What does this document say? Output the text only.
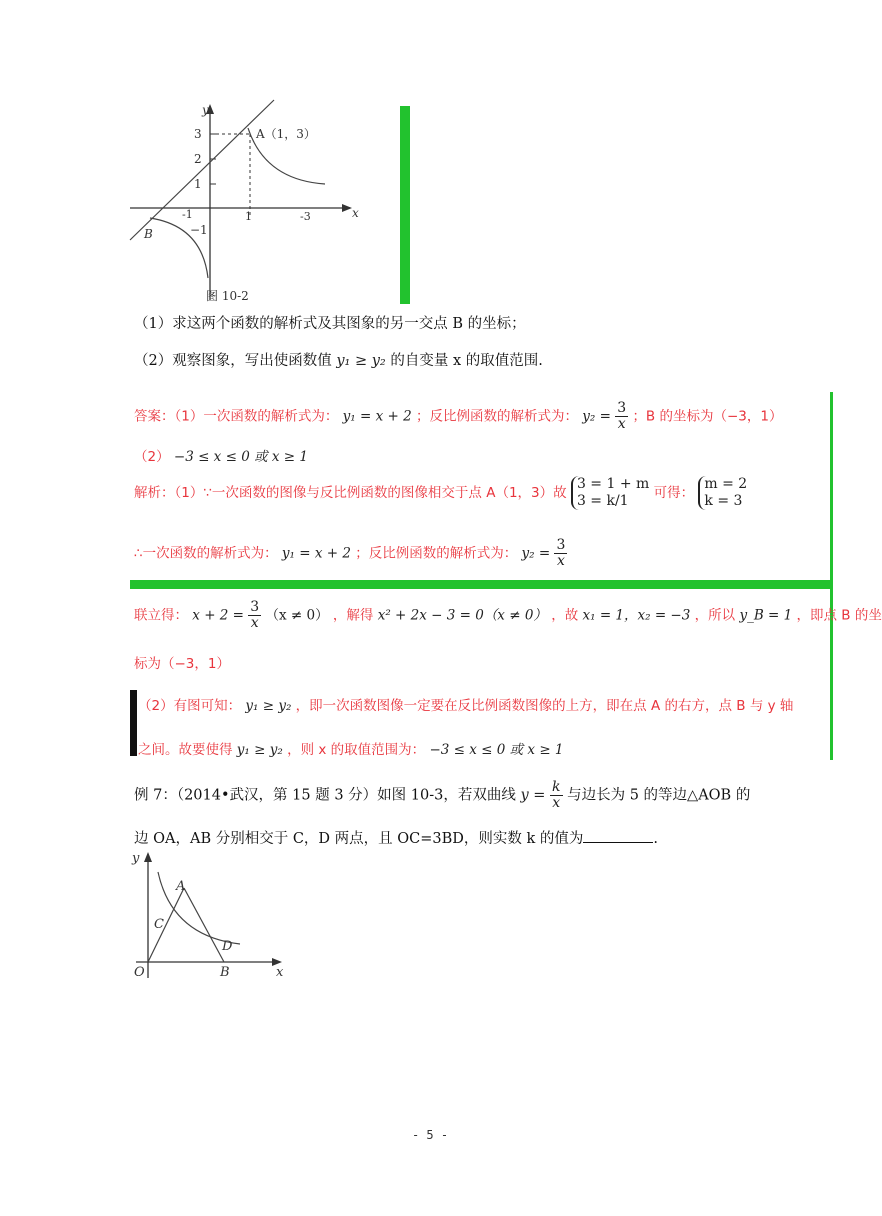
y
x
3
2
1
−1
-1	1	-3
A（1，3）
B
图 10-2
（1）求这两个函数的解析式及其图象的另一交点 B 的坐标；
（2）观察图象，写出使函数值 y₁ ≥ y₂ 的自变量 x 的取值范围.
答案：（1）一次函数的解析式为： y₁ = x + 2 ；反比例函数的解析式为： $y_2 = \frac{3}{x}$ ；B 的坐标为（−3，1）
（2） −3 ≤ x ≤ 0 或 x ≥ 1
解析：（1）∵一次函数的图像与反比例函数的图像相交于点 A（1，3）故
3 = 1 + m
3 = k/1	可得：
m = 2
k = 3
∴一次函数的解析式为： y₁ = x + 2 ；反比例函数的解析式为： $y_2 = \frac{3}{x}$
联立得： $x + 2 = \frac{3}{x} (x \ne 0)$ ，解得 x² + 2x − 3 = 0（x ≠ 0） ，故 x₁ = 1，x₂ = −3 ，所以 y_B = 1 ，即点 B 的坐
标为（−3，1）
（2）有图可知： y₁ ≥ y₂ ，即一次函数图像一定要在反比例函数图像的上方，即在点 A 的右方，点 B 与 y 轴
之间。故要使得 y₁ ≥ y₂ ，则 x 的取值范围为： −3 ≤ x ≤ 0 或 x ≥ 1
例 7：（2014•武汉，第 15 题 3 分）如图 10-3，若双曲线 $y = \frac{k}{x}$ 与边长为 5 的等边△AOB 的
边 OA，AB 分别相交于 C，D 两点，且 OC=3BD，则实数 k 的值为	.
y
x
A
C
D
O	B
- 5 -
